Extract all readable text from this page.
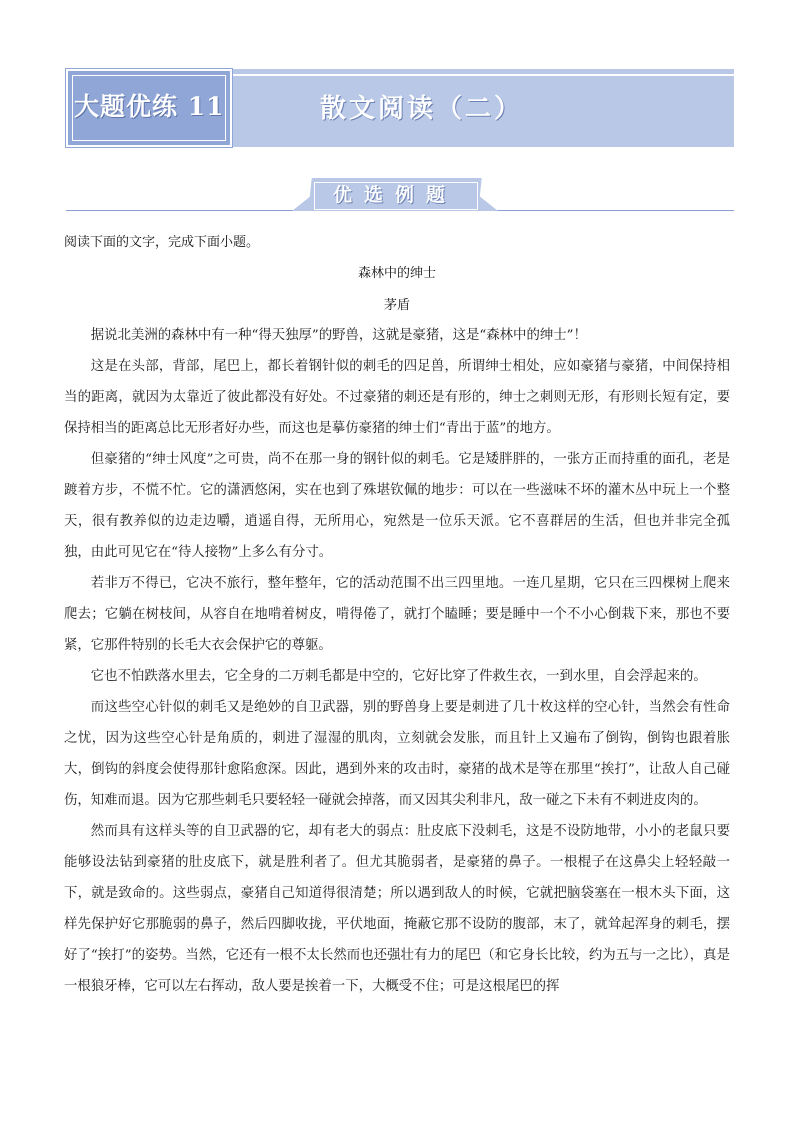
大题优练 11	散文阅读（二）
优选例题
阅读下面的文字，完成下面小题。
森林中的绅士
茅盾

据说北美洲的森林中有一种“得天独厚”的野兽，这就是豪猪，这是“森林中的绅士”！

这是在头部，背部，尾巴上，都长着钢针似的刺毛的四足兽，所谓绅士相处，应如豪猪与豪猪，中间保持相当的距离，就因为太靠近了彼此都没有好处。不过豪猪的刺还是有形的，绅士之刺则无形，有形则长短有定，要保持相当的距离总比无形者好办些，而这也是摹仿豪猪的绅士们“青出于蓝”的地方。

但豪猪的“绅士风度”之可贵，尚不在那一身的钢针似的刺毛。它是矮胖胖的，一张方正而持重的面孔，老是踱着方步，不慌不忙。它的潇洒悠闲，实在也到了殊堪钦佩的地步：可以在一些滋味不坏的灌木丛中玩上一个整天，很有教养似的边走边嚼，逍遥自得，无所用心，宛然是一位乐天派。它不喜群居的生活，但也并非完全孤独，由此可见它在“待人接物”上多么有分寸。

若非万不得已，它决不旅行，整年整年，它的活动范围不出三四里地。一连几星期，它只在三四棵树上爬来爬去；它躺在树枝间，从容自在地啃着树皮，啃得倦了，就打个瞌睡；要是睡中一个不小心倒栽下来，那也不要紧，它那件特别的长毛大衣会保护它的尊躯。

它也不怕跌落水里去，它全身的二万刺毛都是中空的，它好比穿了件救生衣，一到水里，自会浮起来的。

而这些空心针似的刺毛又是绝妙的自卫武器，别的野兽身上要是刺进了几十枚这样的空心针，当然会有性命之忧，因为这些空心针是角质的，刺进了湿湿的肌肉，立刻就会发胀，而且针上又遍布了倒钩，倒钩也跟着胀大，倒钩的斜度会使得那针愈陷愈深。因此，遇到外来的攻击时，豪猪的战术是等在那里“挨打”，让敌人自己碰伤，知难而退。因为它那些刺毛只要轻轻一碰就会掉落，而又因其尖利非凡，敌一碰之下未有不刺进皮肉的。

然而具有这样头等的自卫武器的它，却有老大的弱点：肚皮底下没刺毛，这是不设防地带，小小的老鼠只要能够设法钻到豪猪的肚皮底下，就是胜利者了。但尤其脆弱者，是豪猪的鼻子。一根棍子在这鼻尖上轻轻敲一下，就是致命的。这些弱点，豪猪自己知道得很清楚；所以遇到敌人的时候，它就把脑袋塞在一根木头下面，这样先保护好它那脆弱的鼻子，然后四脚收拢，平伏地面，掩蔽它那不设防的腹部，末了，就耸起浑身的刺毛，摆好了“挨打”的姿势。当然，它还有一根不太长然而也还强壮有力的尾巴（和它身长比较，约为五与一之比），真是一根狼牙棒，它可以左右挥动，敌人要是挨着一下，大概受不住；可是这根尾巴的挥
